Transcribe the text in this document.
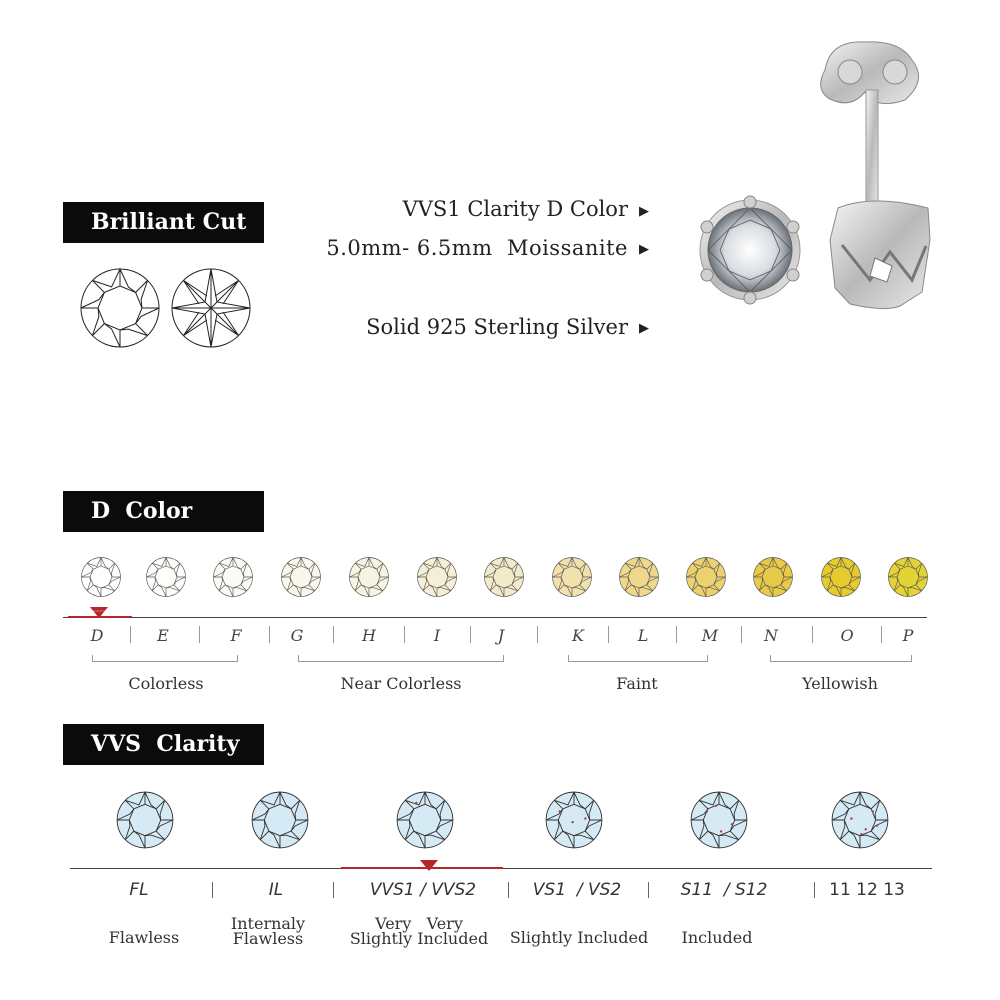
Brilliant Cut
D  Color
VVS  Clarity
VVS1 Clarity D Color
5.0mm- 6.5mm  Moissanite
Solid 925 Sterling Silver
▶
▶
▶
D	E	F	G	H	I	J	K	L	M	N	O	P
Colorless	Near Colorless	Faint	Yellowish
FL
Flawless
IL
Internaly
Flawless
VVS1 / VVS2
Very   Very
Slightly Included
VS1  / VS2
Slightly Included
S11  / S12
Included
11 12 13
